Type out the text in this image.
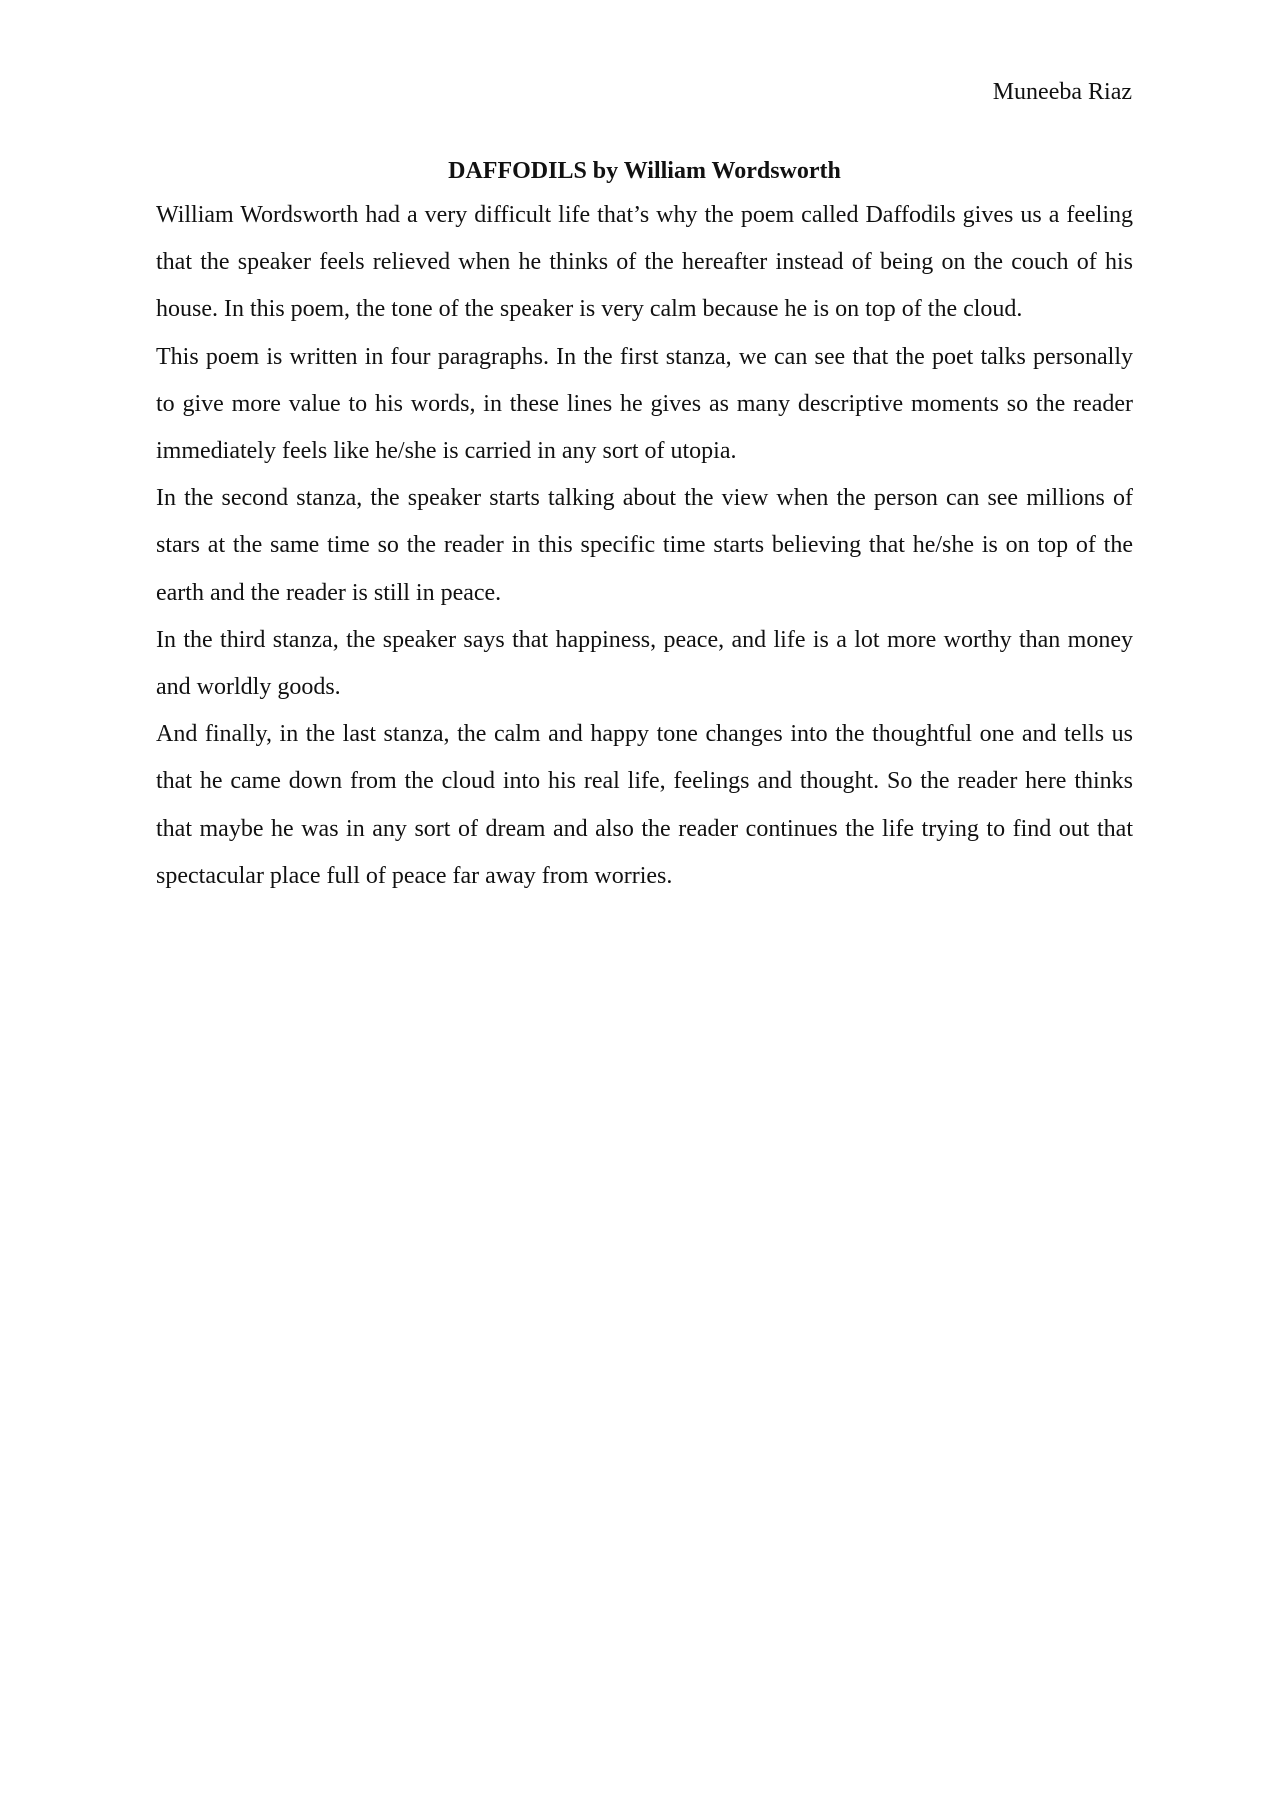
Muneeba Riaz
DAFFODILS by William Wordsworth

William Wordsworth had a very difficult life that’s why the poem called Daffodils gives us a feeling that the speaker feels relieved when he thinks of the hereafter instead of being on the couch of his house. In this poem, the tone of the speaker is very calm because he is on top of the cloud.

This poem is written in four paragraphs. In the first stanza, we can see that the poet talks personally to give more value to his words, in these lines he gives as many descriptive moments so the reader immediately feels like he/she is carried in any sort of utopia.

In the second stanza, the speaker starts talking about the view when the person can see millions of stars at the same time so the reader in this specific time starts believing that he/she is on top of the earth and the reader is still in peace.

In the third stanza, the speaker says that happiness, peace, and life is a lot more worthy than money and worldly goods.

And finally, in the last stanza, the calm and happy tone changes into the thoughtful one and tells us that he came down from the cloud into his real life, feelings and thought. So the reader here thinks that maybe he was in any sort of dream and also the reader continues the life trying to find out that spectacular place full of peace far away from worries.
